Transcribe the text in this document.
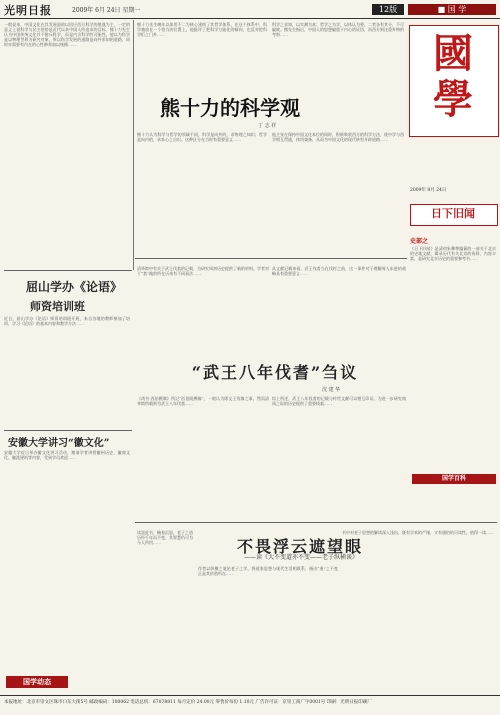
光明日报	2009年 6月 24日 星期一	12版	■ 国 学
一般说来，中国文化在其发展面前以回应西方科学的挑战为主，一定的意义上说科学与民主恰恰是近代以来中国人所追求的目标。熊十力先生认为中国传统文化并不排斥科学，而是内含科学的可能性。他以为科学是以物理世界为研究对象，所以科学发展的道路是向外求知的道路，同时亦需要有内在的心性修养加以统摄……
熊十力先生晚年以体用不二为核心建构了其哲学体系，在这个体系中，科学被放在一个恰当的位置上。他批评了把科学万能化的倾向，也反对把科学拒之门外……
科学之求知，以实测为本；哲学之为学，以体认为要。二者各有其分，不可偏废。熊先生指出，中国人的思想偏重于内心的证悟，而西方则注重外物的考察……
熊十力的科学观
丁 志 祥
熊十力认为科学与哲学的领域不同，科学是向外的，求物理之知识；哲学是向内的，求本心之自识。这种区分在当时有重要意义……
他主张在保持中国文化本位的同时，积极吸收西方的科学方法，使中学与西学相互贯通，体用兼备，从而为中国文化的现代转型开辟道路……
國學
2009年 8月 24日
日下旧闻
史部之
《日下旧闻》是清初朱彝尊编纂的一部关于北京的史地文献，辑录历代有关北京的资料，内容丰富，是研究北京历史的重要参考书……
国学百科
屈山学办《论语》
师资培训班
近日，屈山学办《论语》师资培训班开班，来自各地的教师参加了培训，学习《论语》的基本内容和教学方法……
清华简中有关于武王伐耆的记载，为研究周初历史提供了新的材料。学者对于“耆”地的所在历来有不同看法……
从文献记载来看，武王伐耆当在伐纣之前，这一事件对于理解周人东进的战略具有重要意义……
“武王八年伐耆”刍议
沈 建 华
《尚书·西伯戡黎》所记“西伯既戡黎”，一般认为即文王伐黎之事。然而清华简所载则为武王八年伐耆……
综上所述，武王八年伐耆的记载与传世文献可以相互印证，为进一步研究商周之际的历史提供了重要线索……
安徽大学讲习“徽文化”
安徽大学近日举办徽文化讲习活动，邀请学者讲授徽州历史、徽商文化、徽派建筑等内容，受到学员欢迎……
国学动态
不畏浮云遮望眼
——读《大不变道亦不变——老子纵横谈》
读罢此书，掩卷沉思，老子之道历经千年而不变，其智慧仍可为今人所用……
作者以纵横之笔论老子之学，将道家思想与现代生活相联系，指出“道”之不变正是其价值所在……
书中对老子思想的解读深入浅出，既有学术的严谨，又有通俗的可读性，值得一读……
本报地址：北京市崇文区珠市口东大街5号 邮政编码：100062 电话总机：67078811 每月定价 24.00元 零售价每份 1.10元 广告许可证：京崇工商广字0001号 印刷：光明日报印刷厂
